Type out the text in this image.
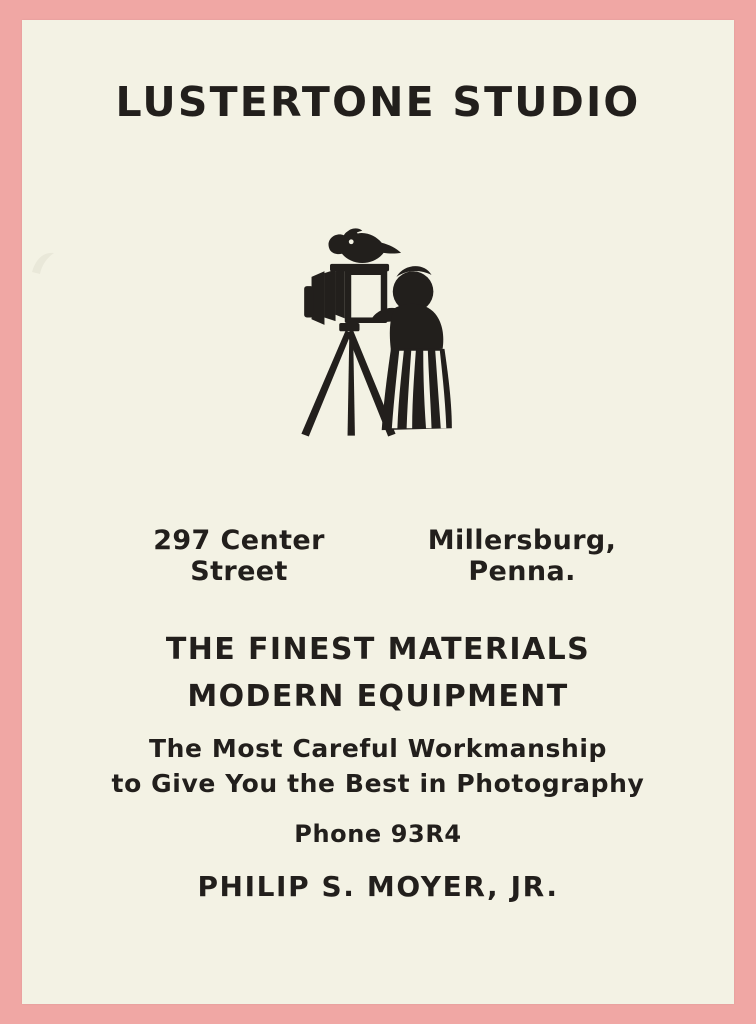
LUSTERTONE STUDIO
297 Center Street
Millersburg, Penna.
THE FINEST MATERIALS
MODERN EQUIPMENT
The Most Careful Workmanship
to Give You the Best in Photography
Phone 93R4
PHILIP S. MOYER, JR.
